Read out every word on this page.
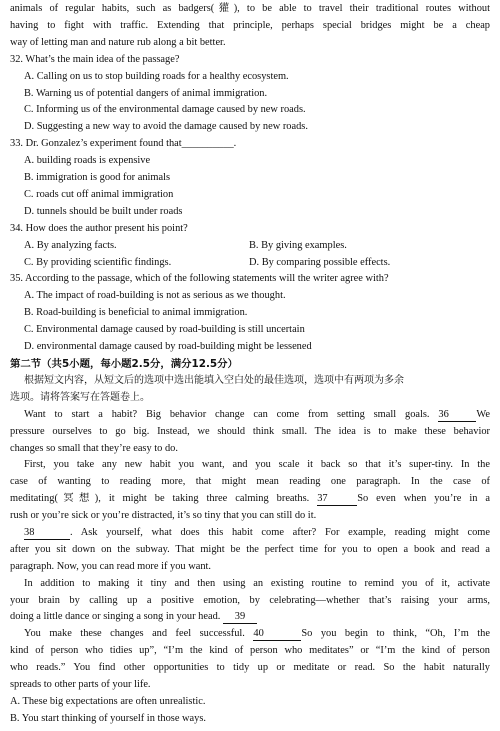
animals of regular habits, such as badgers(獾), to be able to travel their traditional routes without
having to fight with traffic. Extending that principle, perhaps special bridges might be a cheap
way of letting man and nature rub along a bit better.
32. What’s the main idea of the passage?
A. Calling on us to stop building roads for a healthy ecosystem.
B. Warning us of potential dangers of animal immigration.
C. Informing us of the environmental damage caused by new roads.
D. Suggesting a new way to avoid the damage caused by new roads.
33. Dr. Gonzalez’s experiment found that__________.
A. building roads is expensive
B. immigration is good for animals
C. roads cut off animal immigration
D. tunnels should be built under roads
34. How does the author present his point?
A. By analyzing facts.	B. By giving examples.
C. By providing scientific findings.	D. By comparing possible effects.
35. According to the passage, which of the following statements will the writer agree with?
A. The impact of road-building is not as serious as we thought.
B. Road-building is beneficial to animal immigration.
C. Environmental damage caused by road-building is still uncertain
D. environmental damage caused by road-building might be lessened
第二节（共5小题，每小题2.5分，满分12.5分）
根据短文内容，从短文后的选项中选出能填入空白处的最佳选项，选项中有两项为多余
选项。请将答案写在答题卷上。
Want to start a habit? Big behavior change can come from setting small goals. 36	We
pressure ourselves to go big. Instead, we should think small. The idea is to make these behavior
changes so small that they’re easy to do.
First, you take any new habit you want, and you scale it back so that it’s super-tiny. In the
case of wanting to reading more, that might mean reading one paragraph. In the case of
meditating(冥想), it might be taking three calming breaths. 37	So even when you’re in a
rush or you’re sick or you’re distracted, it’s so tiny that you can still do it.
38	. Ask yourself, what does this habit come after? For example, reading might come
after you sit down on the subway. That might be the perfect time for you to open a book and read a
paragraph. Now, you can read more if you want.
In addition to making it tiny and then using an existing routine to remind you of it, activate
your brain by calling up a positive emotion, by celebrating—whether that’s raising your arms,
doing a little dance or singing a song in your head. 39
You make these changes and feel successful. 40	So you begin to think, “Oh, I’m the
kind of person who tidies up”, “I’m the kind of person who meditates” or “I’m the kind of person
who reads.” You find other opportunities to tidy up or meditate or read. So the habit naturally
spreads to other parts of your life.
A. These big expectations are often unrealistic.
B. You start thinking of yourself in those ways.
